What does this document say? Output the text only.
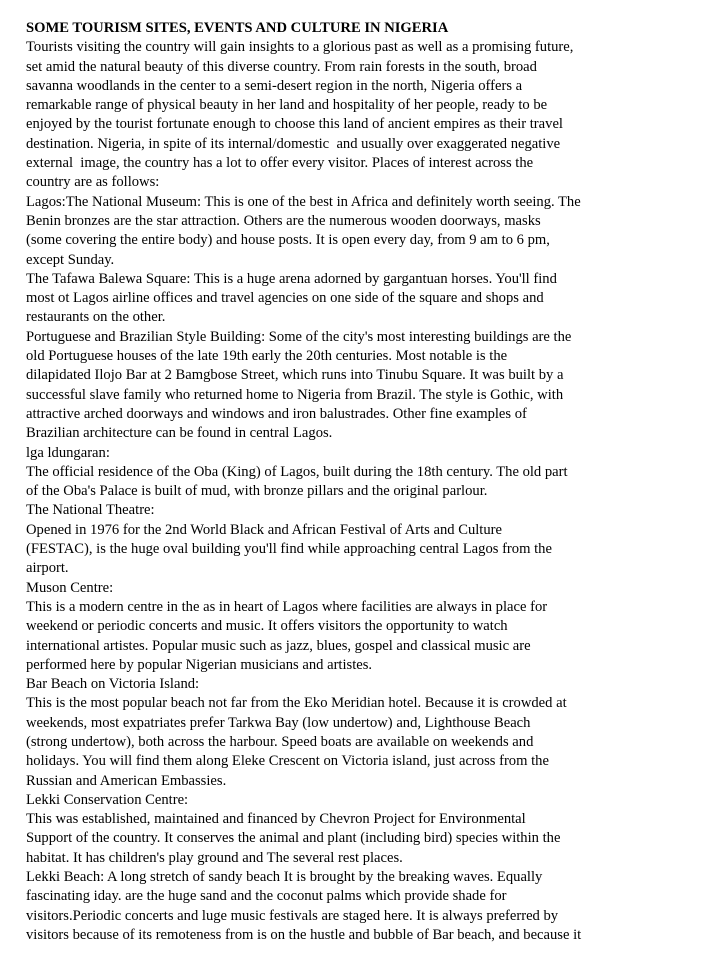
SOME TOURISM SITES, EVENTS AND CULTURE IN NIGERIA
Tourists visiting the country will gain insights to a glorious past as well as a promising future,
set amid the natural beauty of this diverse country. From rain forests in the south, broad
savanna woodlands in the center to a semi-desert region in the north, Nigeria offers a
remarkable range of physical beauty in her land and hospitality of her people, ready to be
enjoyed by the tourist fortunate enough to choose this land of ancient empires as their travel
destination. Nigeria, in spite of its internal/domestic  and usually over exaggerated negative
external  image, the country has a lot to offer every visitor. Places of interest across the
country are as follows:
Lagos:The National Museum: This is one of the best in Africa and definitely worth seeing. The
Benin bronzes are the star attraction. Others are the numerous wooden doorways, masks
(some covering the entire body) and house posts. It is open every day, from 9 am to 6 pm,
except Sunday.
The Tafawa Balewa Square: This is a huge arena adorned by gargantuan horses. You'll find
most ot Lagos airline offices and travel agencies on one side of the square and shops and
restaurants on the other.
Portuguese and Brazilian Style Building: Some of the city's most interesting buildings are the
old Portuguese houses of the late 19th early the 20th centuries. Most notable is the
dilapidated Ilojo Bar at 2 Bamgbose Street, which runs into Tinubu Square. It was built by a
successful slave family who returned home to Nigeria from Brazil. The style is Gothic, with
attractive arched doorways and windows and iron balustrades. Other fine examples of
Brazilian architecture can be found in central Lagos.
lga ldungaran:
The official residence of the Oba (King) of Lagos, built during the 18th century. The old part
of the Oba's Palace is built of mud, with bronze pillars and the original parlour.
The National Theatre:
Opened in 1976 for the 2nd World Black and African Festival of Arts and Culture
(FESTAC), is the huge oval building you'll find while approaching central Lagos from the
airport.
Muson Centre:
This is a modern centre in the as in heart of Lagos where facilities are always in place for
weekend or periodic concerts and music. It offers visitors the opportunity to watch
international artistes. Popular music such as jazz, blues, gospel and classical music are
performed here by popular Nigerian musicians and artistes.
Bar Beach on Victoria Island:
This is the most popular beach not far from the Eko Meridian hotel. Because it is crowded at
weekends, most expatriates prefer Tarkwa Bay (low undertow) and, Lighthouse Beach
(strong undertow), both across the harbour. Speed boats are available on weekends and
holidays. You will find them along Eleke Crescent on Victoria island, just across from the
Russian and American Embassies.
Lekki Conservation Centre:
This was established, maintained and financed by Chevron Project for Environmental
Support of the country. It conserves the animal and plant (including bird) species within the
habitat. It has children's play ground and The several rest places.
Lekki Beach: A long stretch of sandy beach It is brought by the breaking waves. Equally
fascinating iday. are the huge sand and the coconut palms which provide shade for
visitors.Periodic concerts and luge music festivals are staged here. It is always preferred by
visitors because of its remoteness from is on the hustle and bubble of Bar beach, and because it
